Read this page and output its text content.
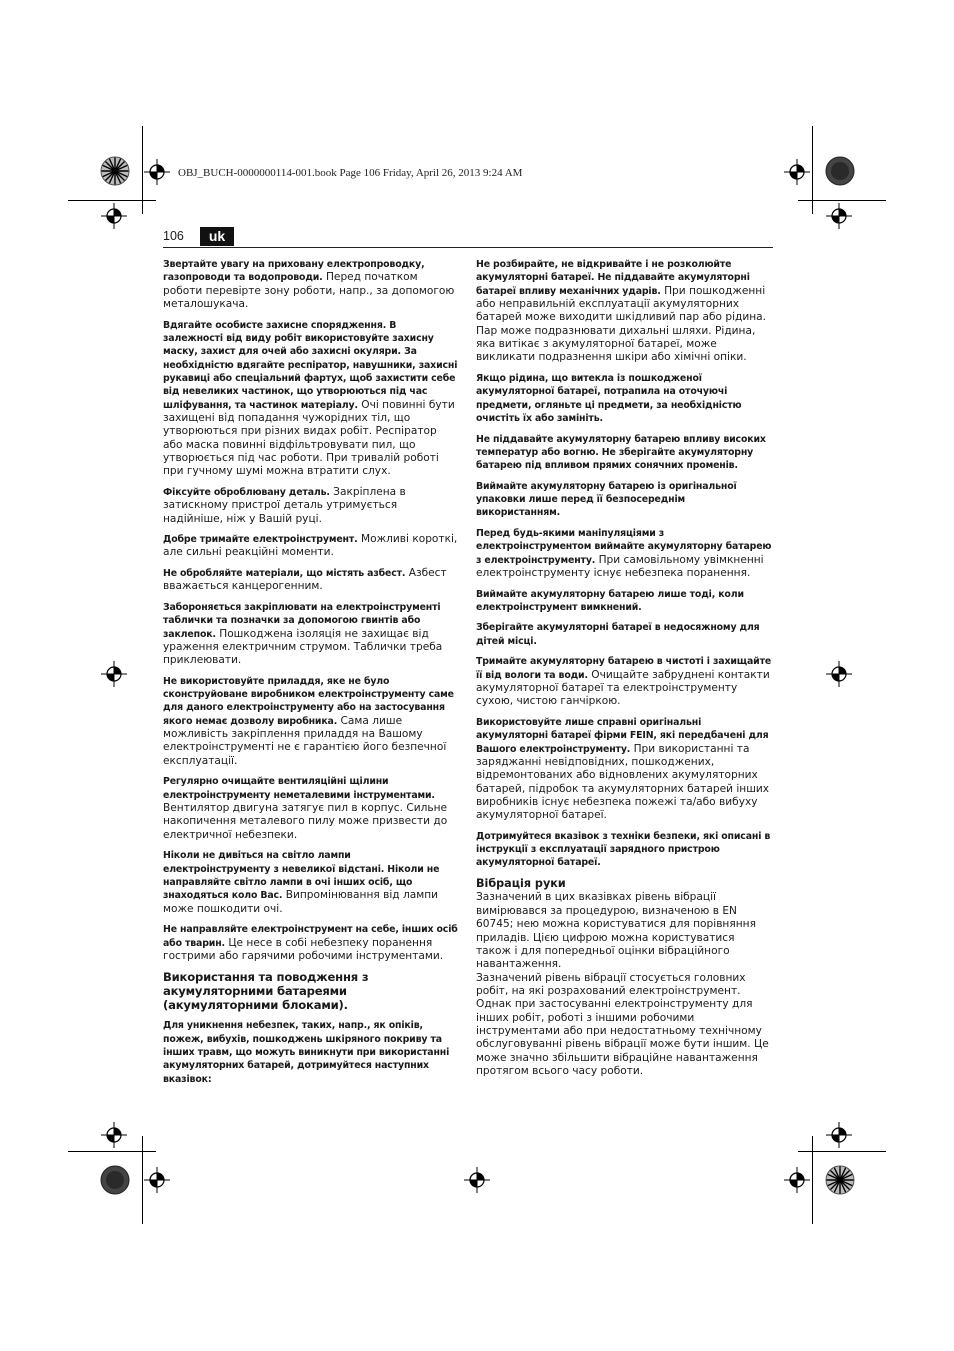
OBJ_BUCH-0000000114-001.book Page 106 Friday, April 26, 2013 9:24 AM
106	uk

Звертайте увагу на приховану електропроводку, газопроводи та водопроводи. Перед початком роботи перевірте зону роботи, напр., за допомогою металошукача.

Вдягайте особисте захисне спорядження. В залежності від виду робіт використовуйте захисну маску, захист для очей або захисні окуляри. За необхідністю вдягайте респіратор, навушники, захисні рукавиці або спеціальний фартух, щоб захистити себе від невеликих частинок, що утворюються під час шліфування, та частинок матеріалу. Очі повинні бути захищені від попадання чужорідних тіл, що утворюються при різних видах робіт. Респіратор або маска повинні відфільтровувати пил, що утворюється під час роботи. При тривалій роботі при гучному шумі можна втратити слух.

Фіксуйте оброблювану деталь. Закріплена в затискному пристрої деталь утримується надійніше, ніж у Вашій руці.

Добре тримайте електроінструмент. Можливі короткі, але сильні реакційні моменти.

Не обробляйте матеріали, що містять азбест. Азбест вважається канцерогенним.

Забороняється закріплювати на електроінструменті таблички та позначки за допомогою гвинтів або заклепок. Пошкоджена ізоляція не захищає від ураження електричним струмом. Таблички треба приклеювати.

Не використовуйте приладдя, яке не було сконструйоване виробником електроінструменту саме для даного електроінструменту або на застосування якого немає дозволу виробника. Сама лише можливість закріплення приладдя на Вашому електроінструменті не є гарантією його безпечної експлуатації.

Регулярно очищайте вентиляційні щілини електроінструменту неметалевими інструментами. Вентилятор двигуна затягує пил в корпус. Сильне накопичення металевого пилу може призвести до електричної небезпеки.

Ніколи не дивіться на світло лампи електроінструменту з невеликої відстані. Ніколи не направляйте світло лампи в очі інших осіб, що знаходяться коло Вас. Випромінювання від лампи може пошкодити очі.

Не направляйте електроінструмент на себе, інших осіб або тварин. Це несе в собі небезпеку поранення гострими або гарячими робочими інструментами.

Використання та поводження з акумуляторними батареями (акумуляторними блоками).

Для уникнення небезпек, таких, напр., як опіків, пожеж, вибухів, пошкоджень шкіряного покриву та інших травм, що можуть виникнути при використанні акумуляторних батарей, дотримуйтеся наступних вказівок:

Не розбирайте, не відкривайте і не розколюйте акумуляторні батареї. Не піддавайте акумуляторні батареї впливу механічних ударів. При пошкодженні або неправильній експлуатації акумуляторних батарей може виходити шкідливий пар або рідина. Пар може подразнювати дихальні шляхи. Рідина, яка витікає з акумуляторної батареї, може викликати подразнення шкіри або хімічні опіки.

Якщо рідина, що витекла із пошкодженої акумуляторної батареї, потрапила на оточуючі предмети, огляньте ці предмети, за необхідністю очистіть їх або замініть.

Не піддавайте акумуляторну батарею впливу високих температур або вогню. Не зберігайте акумуляторну батарею під впливом прямих сонячних променів.

Виймайте акумуляторну батарею із оригінальної упаковки лише перед її безпосереднім використанням.

Перед будь-якими маніпуляціями з електроінструментом виймайте акумуляторну батарею з електроінструменту. При самовільному увімкненні електроінструменту існує небезпека поранення.

Виймайте акумуляторну батарею лише тоді, коли електроінструмент вимкнений.

Зберігайте акумуляторні батареї в недосяжному для дітей місці.

Тримайте акумуляторну батарею в чистоті і захищайте її від вологи та води. Очищайте забруднені контакти акумуляторної батареї та електроінструменту сухою, чистою ганчіркою.

Використовуйте лише справні оригінальні акумуляторні батареї фірми FEIN, які передбачені для Вашого електроінструменту. При використанні та заряджанні невідповідних, пошкоджених, відремонтованих або відновлених акумуляторних батарей, підробок та акумуляторних батарей інших виробників існує небезпека пожежі та/або вибуху акумуляторної батареї.

Дотримуйтеся вказівок з техніки безпеки, які описані в інструкції з експлуатації зарядного пристрою акумуляторної батареї.

Вібрація руки

Зазначений в цих вказівках рівень вібрації вимірювався за процедурою, визначеною в EN 60745; нею можна користуватися для порівняння приладів. Цією цифрою можна користуватися також і для попередньої оцінки вібраційного навантаження.

Зазначений рівень вібрації стосується головних робіт, на які розрахований електроінструмент. Однак при застосуванні електроінструменту для інших робіт, роботі з іншими робочими інструментами або при недостатньому технічному обслуговуванні рівень вібрації може бути іншим. Це може значно збільшити вібраційне навантаження протягом всього часу роботи.
